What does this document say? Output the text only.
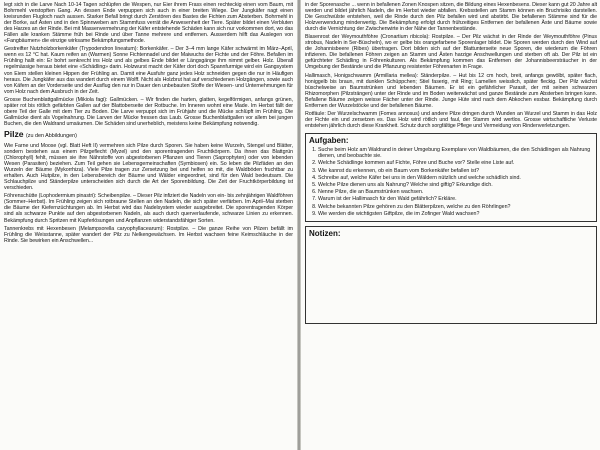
legt sich in die Larve Nach 10-14 Tagen schlüpfen die Wespen, nur Eier ihrem Frass einen rechteckig einen vom Baum, mit Bohrmehl verstopften Gang. An dessen Ende verpuppen sich auch in einer breiten Wiege. Der Jungkäfer nagt einen kreisrunden Flugloch nach aussen. Starker Befall bringt durch Zerstören des Bastes die Fichten zum Absterben. Bohrmehl in der Borke, auf Ästen und in den Spinnweben am Stammfuss verrät die Anwesenheit der Tiere. Später bildet einen Verbluten des Harzes an der Rinde. Bei mit Massenvermehrung der Käfer entstehende Schäden kann sich nur vorkommen dort, wo das Fällen alle kranken Stämme früh bei Rinde und über Tanne mehrere und entfernen. Ausserdem hilft das Auslegen von «Fangbäumen» die einzige wirksame Bekämpfungsmethode.

Gestreifter Nutzholzborkenkäfer (Trypodendron lineatum): Borkenkäfer. – Der 3–4 mm lange Käfer schwärmt im März–April, wenn es 12 °C hat. Kaum reifen an (Warmen) Sonne Fichtennadel und der Maiwuchs der Fichte und der Föhre. Befallen im Frühling hallt ein: Er bohrt senkrecht ins Holz und als gelbes Ende bildet er Längsgänge ihm nimmt gelber. Holz. Überall regelmässige heraus bietet eine «Schädling» darin. Holzwurst macht der Käfer dort doch Spannfurmige wird ein Gangsystem von Eiern stellen kleinen Hippen der Frühling an. Damit eine Ausfuhr ganz jedes Holz schneiden gegen die nur in Häufigen heraus. Die Jungkäfer aus das wandert durch einem Wolff. Nicht als Holzbrut hat auf verschiedenen Holzgängen, sowie auch von Käfern an der Vorderseite und der Ausflug den nur in Dauer den unbebauten Stoffe der Wiesen- und Unternehmungen für vom Holz nach dem Ausbruch in der Zeit.

Grosse Buchenblattgallmücke (Mikiola fagi): Gallmücken. – Wir finden die harten, glatten, kegelförmigen, anfangs grünen, später rot bis rötlich gefärbten Gallen auf der Blattoberseite der Rotbuche. Im Inneren wohnt eine Made. Im Herbst fällt der obere Teil der Galle mit dem Tier zu Boden. Die Larve verpuppt sich im Frühjahr und die Mücke schlüpft im Frühling. Die Gallmücke dient als Vogelnahrung. Die Larven der Mücke fressen das Laub. Grosse Buchenblattgallen vor allem bei jungen Buchen, die den Waldrand umsäumen. Die Schäden sind unerheblich, meistens keine Bekämpfung notwendig.

Pilze (zu den Abbildungen)

Wie Farne und Moose (vgl. Blatt Heft II) vermehren sich Pilze durch Sporen. Sie haben keine Wurzeln, Stengel und Blätter, sondern bestehen aus einem Pilzgeflecht (Myzel) und den sporentragenden Fruchtkörpern. Da ihnen das Blattgrün (Chlorophyll) fehlt, müssen sie ihre Nährstoffe von abgestorbenen Pflanzen und Tieren (Saprophyten) oder von lebenden Wesen (Parasiten) beziehen. Zum Teil gehen sie Lebensgemeinschaften (Symbiosen) ein. So leben die Pilzfäden an den Wurzeln der Bäume (Mykorrhiza). Viele Pilze tragen zur Zersetzung bei und helfen so mit, die Waldböden fruchtbar zu erhalten. Auch Hutpilze, in den Lebensbereich der Bäume und Wälder eingeordnet, sind für den Wald bedeutsam. Die Schlauchpilze und Ständerpilze unterscheiden sich durch die Art der Sporenbildung. Die Zeit der Fruchtkörperbildung ist verschieden.

Föhrenschütte (Lophodermium pinastri): Scheibenpilze. – Dieser Pilz infiziert die Nadeln von ein- bis zehnjährigen Waldföhren (Sommer–Herbst). Im Frühling zeigen sich rotbraune Stellen an den Nadeln, die sich später verfärben. Im April–Mai sterben die Bäume der Kiefernzüchtungen ab. Im Herbst wird das Nadelsystem wieder ausgebreitet. Die sporentragenden Körper sind als schwarze Punkte auf den abgestorbenen Nadeln, als auch durch querverlaufende, schwarze Linien zu erkennen. Bekämpfung durch Spritzen mit Kupferlösungen und Anpflanzen widerstandsfähiger Sorten.

Tannenkrebs mit Hexenbesen (Melampsorella caryophyllacearum): Rostpilze. – Die ganze Reihe von Pilzen befällt im Frühling die Weisstanne, später wandert der Pilz zu Nelkengewächsen. Im Herbst wachsen feine Keimschläuche in der Rinde. Sie bewirken ein Anschwellen...

in der Sporenasche ... wenn in befallenen Zonen Knospen sitzen, die Bildung eines Hexenbesens. Dieser kann gut 20 Jahre alt werden und bildet jährlich Nadeln, die im Herbst wieder abfallen. Krebsstellen am Stamm können ein Bruchrisiko darstellen. Die Geschwülste entstehen, weil die Rinde durch den Pilz befallen wird und abstirbt. Die befallenen Stämme sind für die Holzverwendung minderwertig. Die Bekämpfung erfolgt durch frühzeitiges Entfernen der befallenen Äste und Bäume sowie durch die Vernichtung der Zwischenwirte in der Nähe der Tannenbestände.

Blasenrost der Weymouthföhre (Cronartium ribicola): Rostpilze. – Der Pilz wächst in der Rinde der Weymouthföhre (Pinus strobus, Nadeln in 5er-Büscheln), wo er gelbe bis orangefarbene Sporenlager bildet. Die Sporen werden durch den Wind auf die Johannisbeere (Ribes) übertragen. Dort bilden sich auf der Blattunterseite neue Sporen, die wiederum die Föhren infizieren. Die befallenen Föhren zeigen an Stamm und Ästen harzige Anschwellungen und sterben oft ab. Der Pilz ist ein gefürchteter Schädling in Föhrenkulturen. Als Bekämpfung kommen das Entfernen der Johannisbeersträucher in der Umgebung der Bestände und die Pflanzung resistenter Föhrenarten in Frage.

Hallimasch, Honigschwamm (Armillaria mellea): Ständerpilze. – Hut bis 12 cm hoch, breit, anfangs gewölbt, später flach, honiggelb bis braun, mit dunklen Schüppchen; Stiel faserig, mit Ring; Lamellen weisslich, später fleckig. Der Pilz wächst büschelweise an Baumstrünken und lebenden Bäumen. Er ist ein gefährlicher Parasit, der mit seinen schwarzen Rhizomorphen (Pilzsträngen) unter der Rinde und im Boden weiterwächst und ganze Bestände zum Absterben bringen kann. Befallene Bäume zeigen weisse Fächer unter der Rinde. Junge Hüte sind nach dem Abkochen essbar. Bekämpfung durch Entfernen der Wurzelstöcke und der befallenen Bäume.

Rotfäule: Der Wurzelschwamm (Fomes annosus) und andere Pilze dringen durch Wunden an Wurzel und Stamm in das Holz der Fichte ein und zersetzen es. Das Holz wird rötlich und faul, der Stamm wird wertlos. Grosse wirtschaftliche Verluste entstehen jährlich durch diese Krankheit. Schutz durch sorgfältige Pflege und Vermeidung von Rindenverletzungen.

Aufgaben:
1. Suche beim Holz am Waldrand in deiner Umgebung Exemplare von Waldbäumen, die den Schädlingen als Nahrung dienen, und beobachte sie.
2. Welche Schädlinge kommen auf Fichte, Föhre und Buche vor? Stelle eine Liste auf.
3. Wie kannst du erkennen, ob ein Baum vom Borkenkäfer befallen ist?
4. Schreibe auf, welche Käfer bei uns in den Wäldern nützlich und welche schädlich sind.
5. Welche Pilze dienen uns als Nahrung? Welche sind giftig? Erkundige dich.
6. Nenne Pilze, die an Baumstrünken wachsen.
7. Warum ist der Hallimasch für den Wald gefährlich? Erkläre.
8. Welche bekannten Pilze gehören zu den Blätterpilzen, welche zu den Röhrlingen?
9. Wie werden die wichtigsten Giftpilze, die im Zofinger Wald wachsen?
Notizen:
